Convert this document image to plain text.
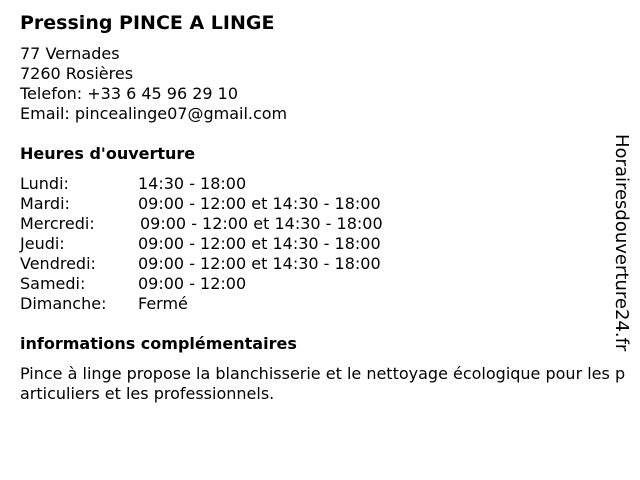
Pressing PINCE A LINGE
77 Vernades
7260 Rosières
Telefon: +33 6 45 96 29 10
Email: pincealinge07@gmail.com
Heures d'ouverture
Lundi:	14:30 - 18:00
Mardi:	09:00 - 12:00 et 14:30 - 18:00
Mercredi:	09:00 - 12:00 et 14:30 - 18:00
Jeudi:	09:00 - 12:00 et 14:30 - 18:00
Vendredi:	09:00 - 12:00 et 14:30 - 18:00
Samedi:	09:00 - 12:00
Dimanche:	Fermé
informations complémentaires
Pince à linge propose la blanchisserie et le nettoyage écologique pour les particuliers et les professionnels.
Horairesdouverture24.fr
